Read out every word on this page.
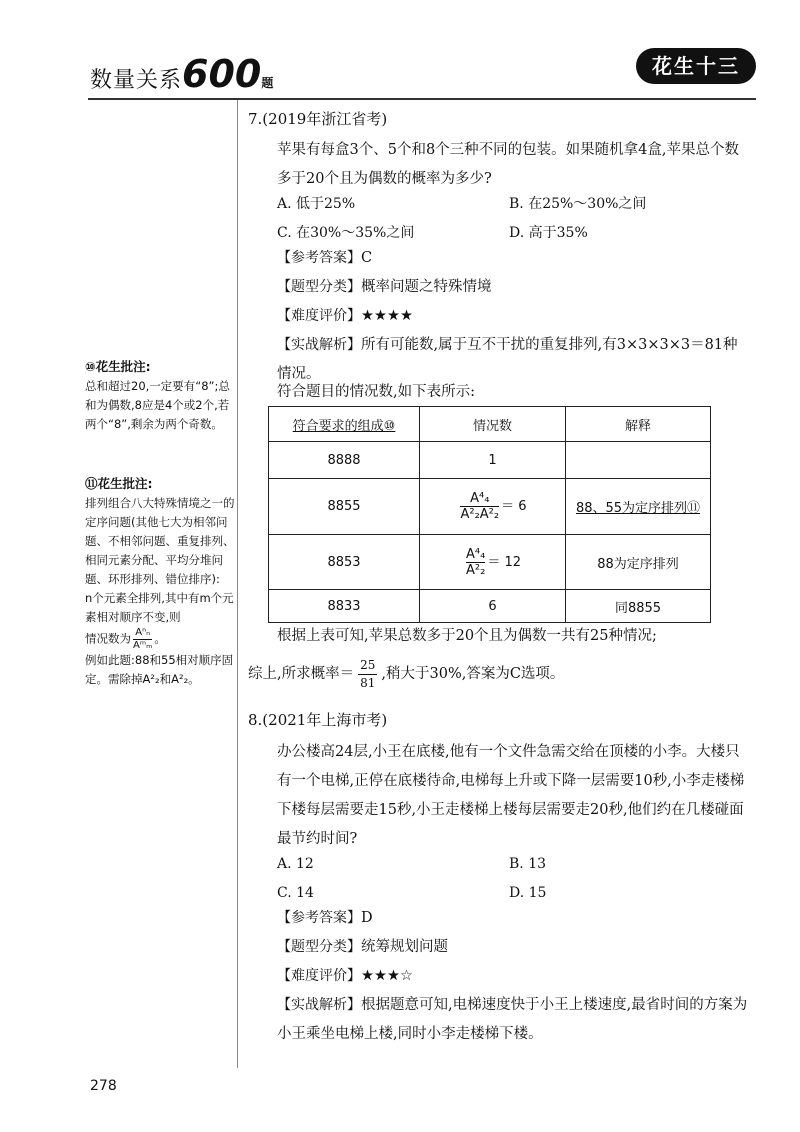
数量关系600题
花生十三
⑩花生批注:
总和超过20,一定要有“8”;总和为偶数,8应是4个或2个,若两个“8”,剩余为两个奇数。
⑪花生批注:
排列组合八大特殊情境之一的定序问题(其他七大为相邻问题、不相邻问题、重复排列、相同元素分配、平均分堆问题、环形排列、错位排序):
n个元素全排列,其中有m个元素相对顺序不变,则
情况数为 $\frac{\text{Aⁿₙ}}{\text{Aᵐₘ}}$ 。
例如此题:88和55相对顺序固定。需除掉A²₂和A²₂。
7.(2019年浙江省考)
苹果有每盒3个、5个和8个三种不同的包装。如果随机拿4盒,苹果总个数多于20个且为偶数的概率为多少?
A. 低于25%	B. 在25%～30%之间
C. 在30%～35%之间	D. 高于35%
【参考答案】C
【题型分类】概率问题之特殊情境
【难度评价】★★★★
【实战解析】所有可能数,属于互不干扰的重复排列,有3×3×3×3＝81种情况。
符合题目的情况数,如下表所示:
符合要求的组成⑩	情况数	解释
8888	1	
8855	$\frac{\text{A⁴₄}}{\text{A²₂A²₂}} = 6$	88、55为定序排列⑪
8853	$\frac{\text{A⁴₄}}{\text{A²₂}} = 12$	88为定序排列
8833	6	同8855
根据上表可知,苹果总数多于20个且为偶数一共有25种情况;
综上,所求概率＝ $\frac{25}{81}$ ,稍大于30%,答案为C选项。
8.(2021年上海市考)
办公楼高24层,小王在底楼,他有一个文件急需交给在顶楼的小李。大楼只有一个电梯,正停在底楼待命,电梯每上升或下降一层需要10秒,小李走楼梯下楼每层需要走15秒,小王走楼梯上楼每层需要走20秒,他们约在几楼碰面最节约时间?
A. 12	B. 13
C. 14	D. 15
【参考答案】D
【题型分类】统筹规划问题
【难度评价】★★★☆
【实战解析】根据题意可知,电梯速度快于小王上楼速度,最省时间的方案为小王乘坐电梯上楼,同时小李走楼梯下楼。
278
